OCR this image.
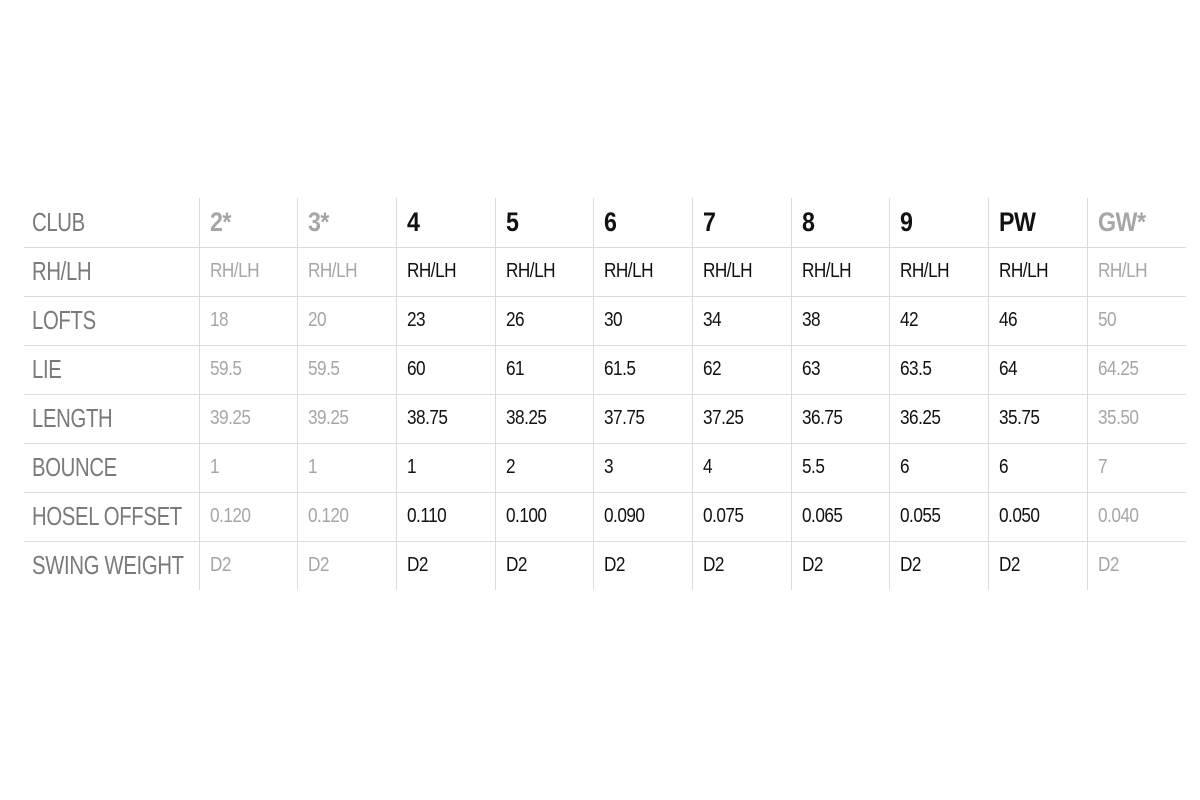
CLUB	2*	3*	4	5	6	7	8	9	PW	GW*
RH/LH	RH/LH	RH/LH	RH/LH	RH/LH	RH/LH	RH/LH	RH/LH	RH/LH	RH/LH	RH/LH
LOFTS	18	20	23	26	30	34	38	42	46	50
LIE	59.5	59.5	60	61	61.5	62	63	63.5	64	64.25
LENGTH	39.25	39.25	38.75	38.25	37.75	37.25	36.75	36.25	35.75	35.50
BOUNCE	1	1	1	2	3	4	5.5	6	6	7
HOSEL OFFSET	0.120	0.120	0.110	0.100	0.090	0.075	0.065	0.055	0.050	0.040
SWING WEIGHT	D2	D2	D2	D2	D2	D2	D2	D2	D2	D2
